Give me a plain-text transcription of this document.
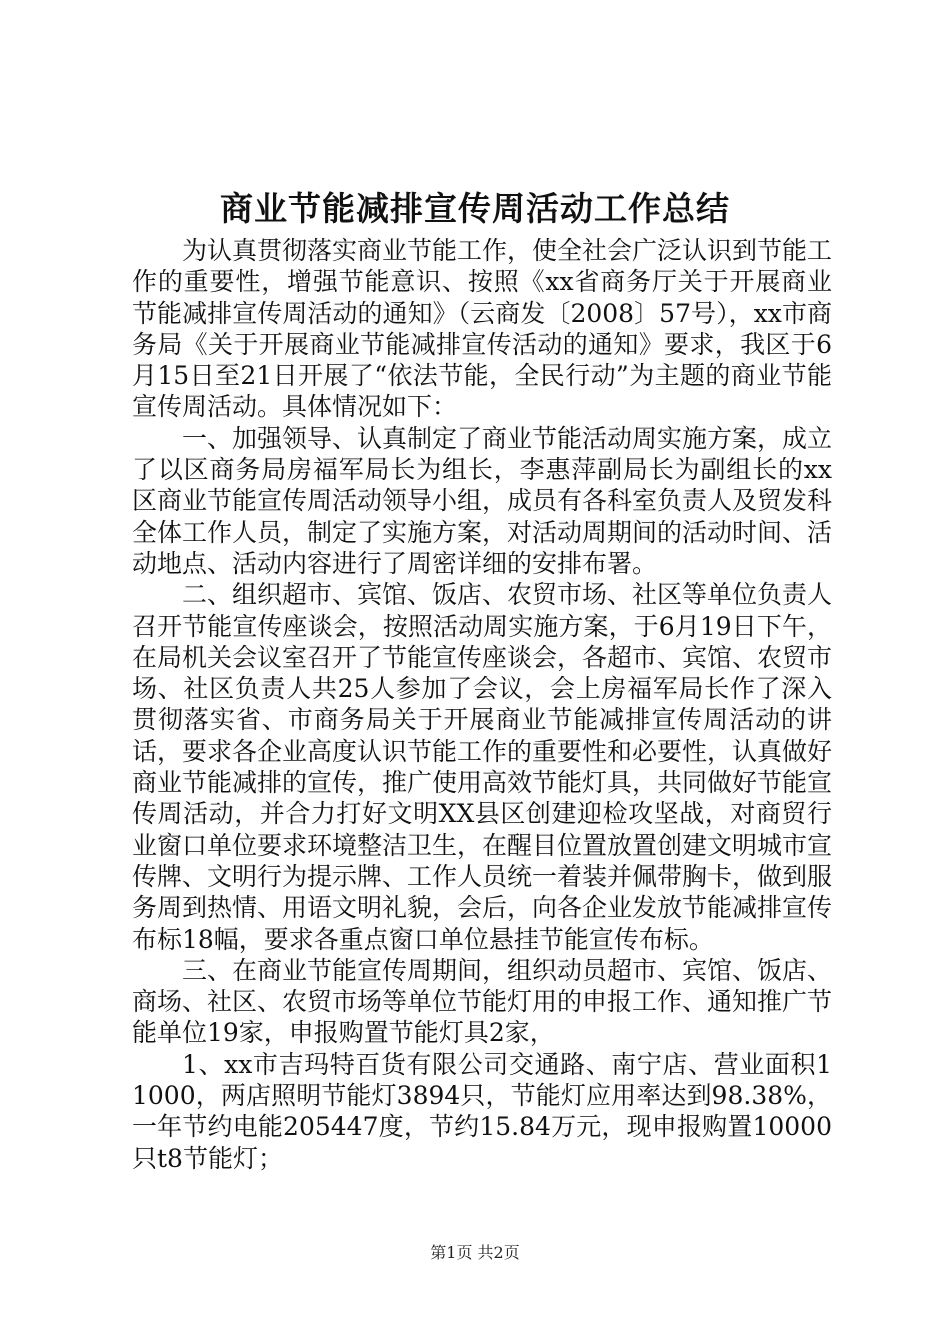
商业节能减排宣传周活动工作总结

为认真贯彻落实商业节能工作，使全社会广泛认识到节能工作的重要性，增强节能意识、按照《xx省商务厅关于开展商业节能减排宣传周活动的通知》（云商发〔2008〕57号），xx市商务局《关于开展商业节能减排宣传活动的通知》要求，我区于6月15日至21日开展了“依法节能，全民行动”为主题的商业节能宣传周活动。具体情况如下：

一、加强领导、认真制定了商业节能活动周实施方案，成立了以区商务局房福军局长为组长，李惠萍副局长为副组长的xx区商业节能宣传周活动领导小组，成员有各科室负责人及贸发科全体工作人员，制定了实施方案，对活动周期间的活动时间、活动地点、活动内容进行了周密详细的安排布署。

二、组织超市、宾馆、饭店、农贸市场、社区等单位负责人召开节能宣传座谈会，按照活动周实施方案，于6月19日下午，在局机关会议室召开了节能宣传座谈会，各超市、宾馆、农贸市场、社区负责人共25人参加了会议，会上房福军局长作了深入贯彻落实省、市商务局关于开展商业节能减排宣传周活动的讲话，要求各企业高度认识节能工作的重要性和必要性，认真做好商业节能减排的宣传，推广使用高效节能灯具，共同做好节能宣传周活动，并合力打好文明XX县区创建迎检攻坚战，对商贸行业窗口单位要求环境整洁卫生，在醒目位置放置创建文明城市宣传牌、文明行为提示牌、工作人员统一着装并佩带胸卡，做到服务周到热情、用语文明礼貌，会后，向各企业发放节能减排宣传布标18幅，要求各重点窗口单位悬挂节能宣传布标。

三、在商业节能宣传周期间，组织动员超市、宾馆、饭店、商场、社区、农贸市场等单位节能灯用的申报工作、通知推广节能单位19家，申报购置节能灯具2家，

1、xx市吉玛特百货有限公司交通路、南宁店、营业面积11000，两店照明节能灯3894只，节能灯应用率达到98.38%，一年节约电能205447度，节约15.84万元，现申报购置10000只t8节能灯；

第1页 共2页
